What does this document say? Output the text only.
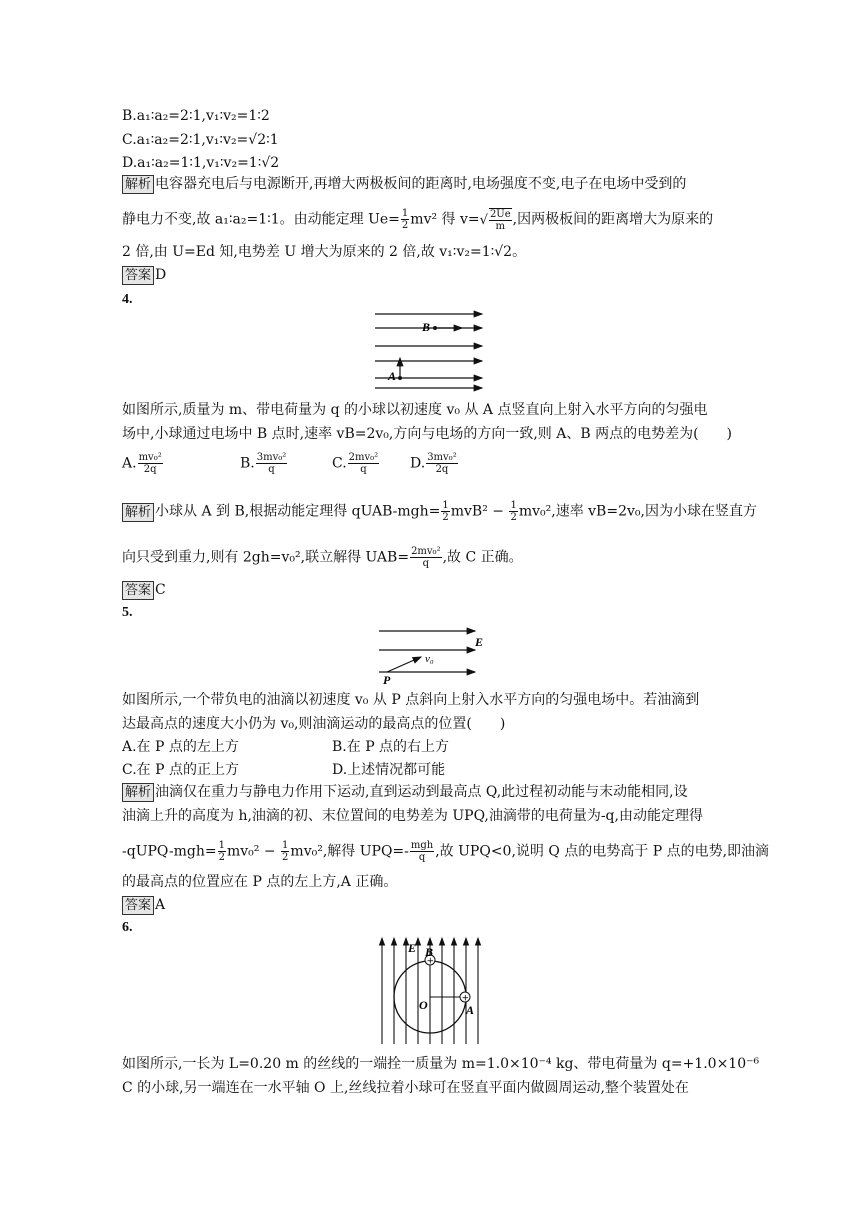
B.a₁∶a₂=2∶1,v₁∶v₂=1∶2
C.a₁∶a₂=2∶1,v₁∶v₂=√2∶1
D.a₁∶a₂=1∶1,v₁∶v₂=1∶√2
解析 电容器充电后与电源断开,再增大两极板间的距离时,电场强度不变,电子在电场中受到的
静电力不变,故 a₁∶a₂=1∶1。由动能定理 $Ue= \frac{1}{2} mv^2$ 得 $v=√ \frac{2Ue}{m}$ ,因两极板间的距离增大为原来的
2 倍,由 U=Ed 知,电势差 U 增大为原来的 2 倍,故 v₁∶v₂=1∶√2。
答案 D
4.
B
A
如图所示,质量为 m、带电荷量为 q 的小球以初速度 v₀ 从 A 点竖直向上射入水平方向的匀强电
场中,小球通过电场中 B 点时,速率 vB=2v₀,方向与电场的方向一致,则 A、B 两点的电势差为(　　)
A. $\frac{\text{mv₀²}}{2q}$	B. $\frac{\text{3mv₀²}}{q}$	C. $\frac{\text{2mv₀²}}{q} D$. $\frac{\text{3mv₀²}}{2q}$
解析 小球从 A 到 B,根据动能定理得 qUAB-mgh= $\frac{1}{2} mvB^2 - \frac{1}{2} mv_0^2$,速率 vB=2v₀,因为小球在竖直方
向只受到重力,则有 2gh=v₀²,联立解得 $UAB= \frac{\text{2mv₀²}}{q}$ ,故 C 正确。
答案 C
5.
E
v₀
P
如图所示,一个带负电的油滴以初速度 v₀ 从 P 点斜向上射入水平方向的匀强电场中。若油滴到
达最高点的速度大小仍为 v₀,则油滴运动的最高点的位置(　　)
A.在 P 点的左上方	B.在 P 点的右上方
C.在 P 点的正上方	D.上述情况都可能
解析 油滴仅在重力与静电力作用下运动,直到运动到最高点 Q,此过程初动能与末动能相同,设
油滴上升的高度为 h,油滴的初、末位置间的电势差为 UPQ,油滴带的电荷量为-q,由动能定理得
-qUPQ-mgh= $\frac{1}{2} mv_0^2 - \frac{1}{2} mv_0^2$,解得 $UPQ=- \frac{\text{mgh}}{q}$ ,故 UPQ<0,说明 Q 点的电势高于 P 点的电势,即油滴
的最高点的位置应在 P 点的左上方,A 正确。
答案 A
6.
+
+
E B
O	A
如图所示,一长为 L=0.20 m 的丝线的一端拴一质量为 m=1.0×10⁻⁴ kg、带电荷量为 q=+1.0×10⁻⁶
C 的小球,另一端连在一水平轴 O 上,丝线拉着小球可在竖直平面内做圆周运动,整个装置处在
